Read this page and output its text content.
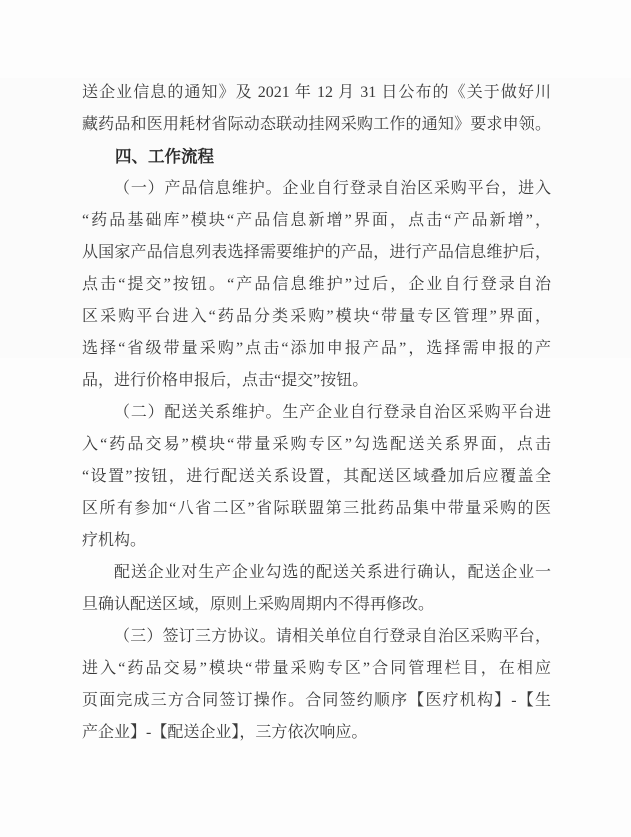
送企业信息的通知》及 2021 年 12 月 31 日公布的《关于做好川
藏药品和医用耗材省际动态联动挂网采购工作的通知》要求申领。
四、工作流程
（一）产品信息维护。企业自行登录自治区采购平台，进入
“药品基础库”模块“产品信息新增”界面，点击“产品新增”，
从国家产品信息列表选择需要维护的产品，进行产品信息维护后，
点击“提交”按钮。“产品信息维护”过后，企业自行登录自治
区采购平台进入“药品分类采购”模块“带量专区管理”界面，
选择“省级带量采购”点击“添加申报产品”，选择需申报的产
品，进行价格申报后，点击“提交”按钮。
（二）配送关系维护。生产企业自行登录自治区采购平台进
入“药品交易”模块“带量采购专区”勾选配送关系界面，点击
“设置”按钮，进行配送关系设置，其配送区域叠加后应覆盖全
区所有参加“八省二区”省际联盟第三批药品集中带量采购的医
疗机构。
配送企业对生产企业勾选的配送关系进行确认，配送企业一
旦确认配送区域，原则上采购周期内不得再修改。
（三）签订三方协议。请相关单位自行登录自治区采购平台，
进入“药品交易”模块“带量采购专区”合同管理栏目，在相应
页面完成三方合同签订操作。合同签约顺序【医疗机构】-【生
产企业】-【配送企业】，三方依次响应。
